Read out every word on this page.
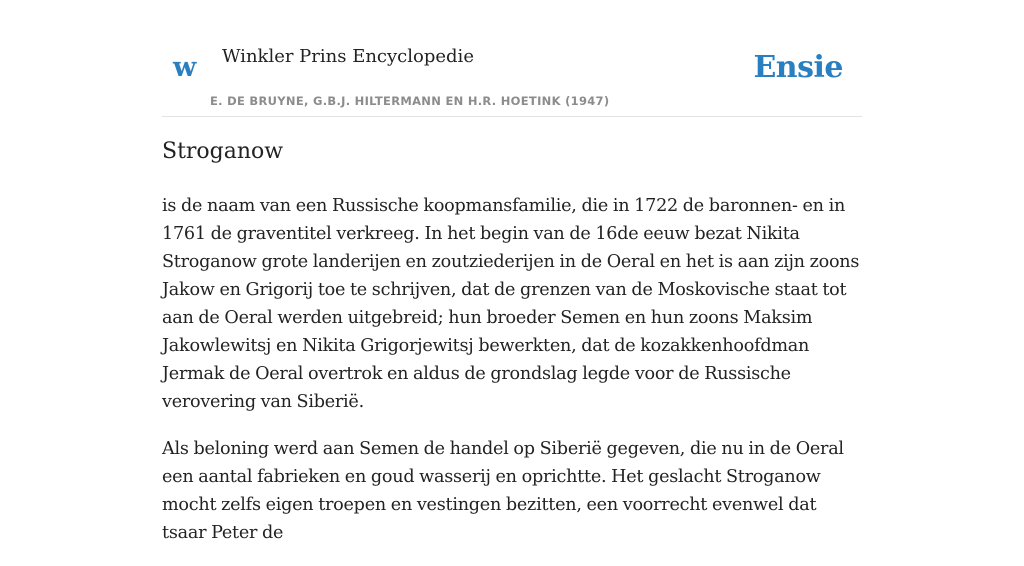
w Winkler Prins Encyclopedie
E. DE BRUYNE, G.B.J. HILTERMANN EN H.R. HOETINK (1947)
Ensie
Stroganow

is de naam van een Russische koopmansfamilie, die in 1722 de baronnen- en in 1761 de graventitel verkreeg. In het begin van de 16de eeuw bezat Nikita Stroganow grote landerijen en zoutziederijen in de Oeral en het is aan zijn zoons Jakow en Grigorij toe te schrijven, dat de grenzen van de Moskovische staat tot aan de Oeral werden uitgebreid; hun broeder Semen en hun zoons Maksim Jakowlewitsj en Nikita Grigorjewitsj bewerkten, dat de kozakkenhoofdman Jermak de Oeral overtrok en aldus de grondslag legde voor de Russische verovering van Siberië.

Als beloning werd aan Semen de handel op Siberië gegeven, die nu in de Oeral een aantal fabrieken en goud wasserij en oprichtte. Het geslacht Stroganow mocht zelfs eigen troepen en vestingen bezitten, een voorrecht evenwel dat tsaar Peter de
